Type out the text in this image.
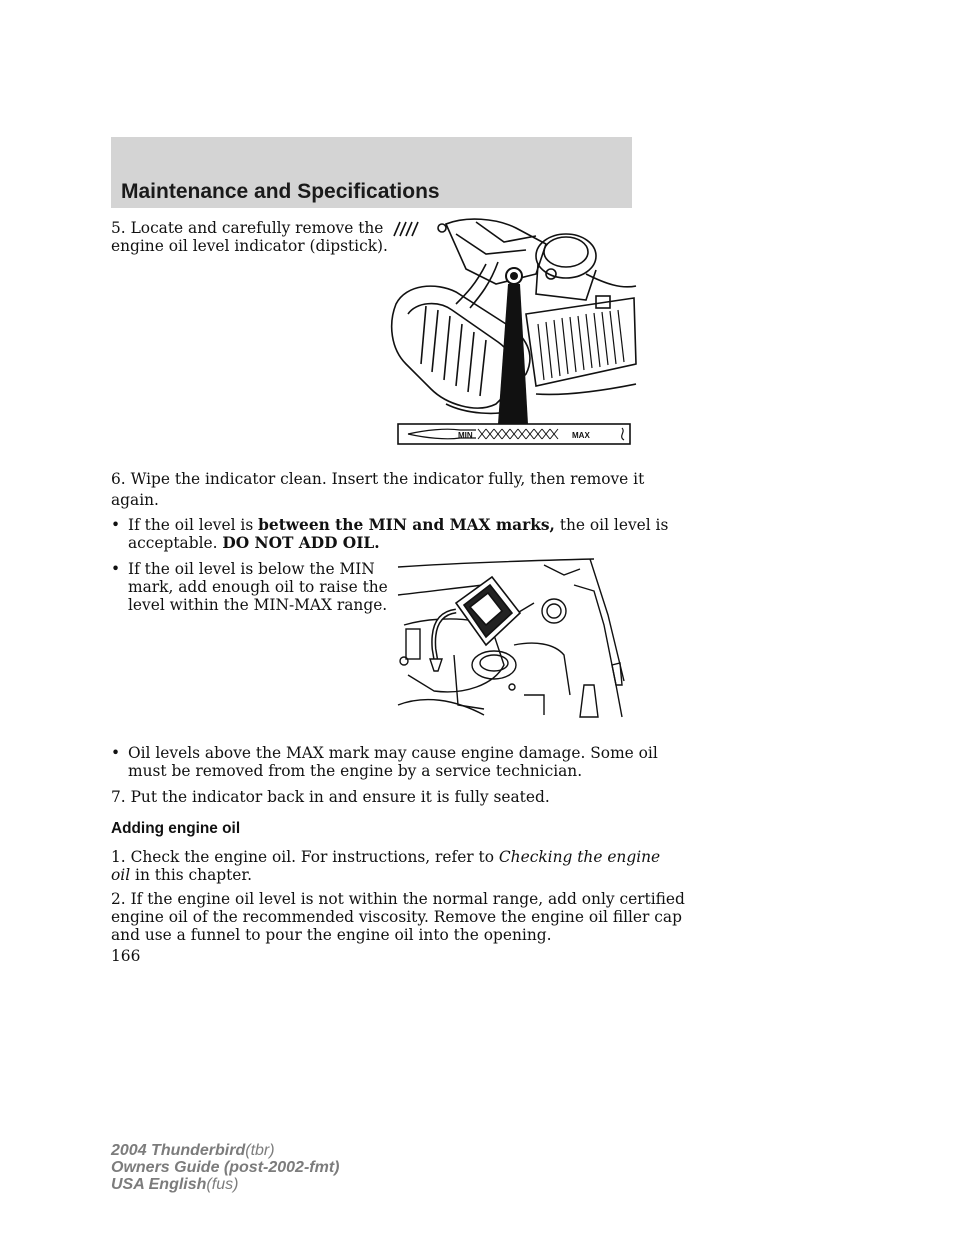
Maintenance and Specifications
5. Locate and carefully remove the
engine oil level indicator (dipstick).
MIN	MAX
6. Wipe the indicator clean. Insert the indicator fully, then remove it
again.
• If the oil level is between the MIN and MAX marks, the oil level is
acceptable. DO NOT ADD OIL.
• If the oil level is below the MIN
mark, add enough oil to raise the
level within the MIN-MAX range.
• Oil levels above the MAX mark may cause engine damage. Some oil
must be removed from the engine by a service technician.
7. Put the indicator back in and ensure it is fully seated.
Adding engine oil
1. Check the engine oil. For instructions, refer to Checking the engine
oil in this chapter.
2. If the engine oil level is not within the normal range, add only certified
engine oil of the recommended viscosity. Remove the engine oil filler cap
and use a funnel to pour the engine oil into the opening.
166
2004 Thunderbird(tbr)
Owners Guide (post-2002-fmt)
USA English(fus)
